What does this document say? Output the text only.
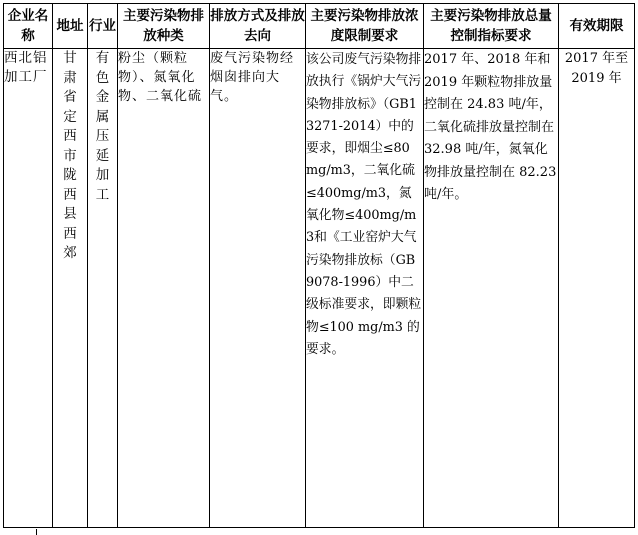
企业名称	地址	行业	主要污染物排放种类	排放方式及排放去向	主要污染物排放浓度限制要求	主要污染物排放总量控制指标要求	有效期限
西北铝加工厂	甘肃省定西市陇西县西郊	有色金属压延加工	粉尘（颗粒物）、氮氧化物、二氧化硫	废气污染物经烟囱排向大气。	该公司废气污染物排放执行《锅炉大气污染物排放标》（GB13271-2014）中的要求，即烟尘≤80 mg/m3，二氧化硫≤400mg/m3，氮氧化物≤400mg/m3和《工业窑炉大气污染物排放标（GB9078-1996）中二级标准要求，即颗粒物≤100 mg/m3 的要求。	2017 年、2018 年和 2019 年颗粒物排放量控制在 24.83 吨/年，二氧化硫排放量控制在 32.98 吨/年，氮氧化物排放量控制在 82.23 吨/年。	2017 年至 2019 年
